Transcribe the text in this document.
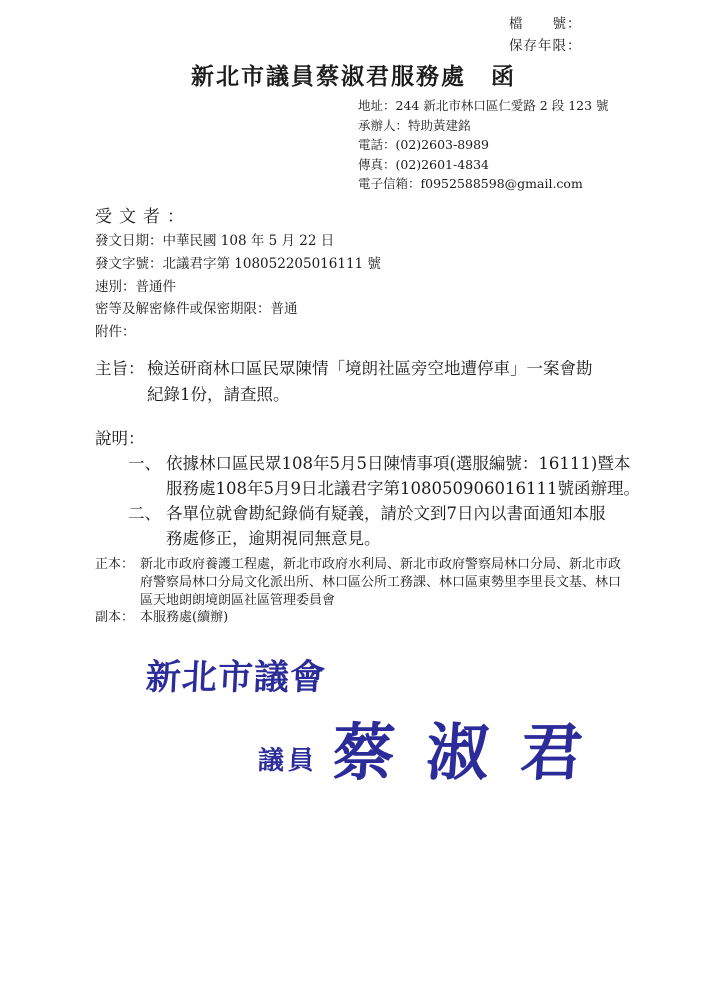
檔　　號：
保存年限：
新北市議員蔡淑君服務處　函
地址：244 新北市林口區仁愛路 2 段 123 號
承辦人：特助黃建銘
電話：(02)2603-8989
傳真：(02)2601-4834
電子信箱：f0952588598@gmail.com
受文者：
發文日期：中華民國 108 年 5 月 22 日
發文字號：北議君字第 108052205016111 號
速別：普通件
密等及解密條件或保密期限：普通
附件：
主旨： 檢送研商林口區民眾陳情「境朗社區旁空地遭停車」一案會勘
紀錄1份，請查照。
說明：
一、 依據林口區民眾108年5月5日陳情事項(選服編號：16111)暨本
服務處108年5月9日北議君字第108050906016111號函辦理。
二、 各單位就會勘紀錄倘有疑義，請於文到7日內以書面通知本服
務處修正，逾期視同無意見。
正本： 新北市政府養護工程處，新北市政府水利局、新北市政府警察局林口分局、新北市政
府警察局林口分局文化派出所、林口區公所工務課、林口區東勢里李里長文基、林口
區天地朗朗境朗區社區管理委員會
副本： 本服務處(續辦)
新北市議會
議員 蔡淑君
